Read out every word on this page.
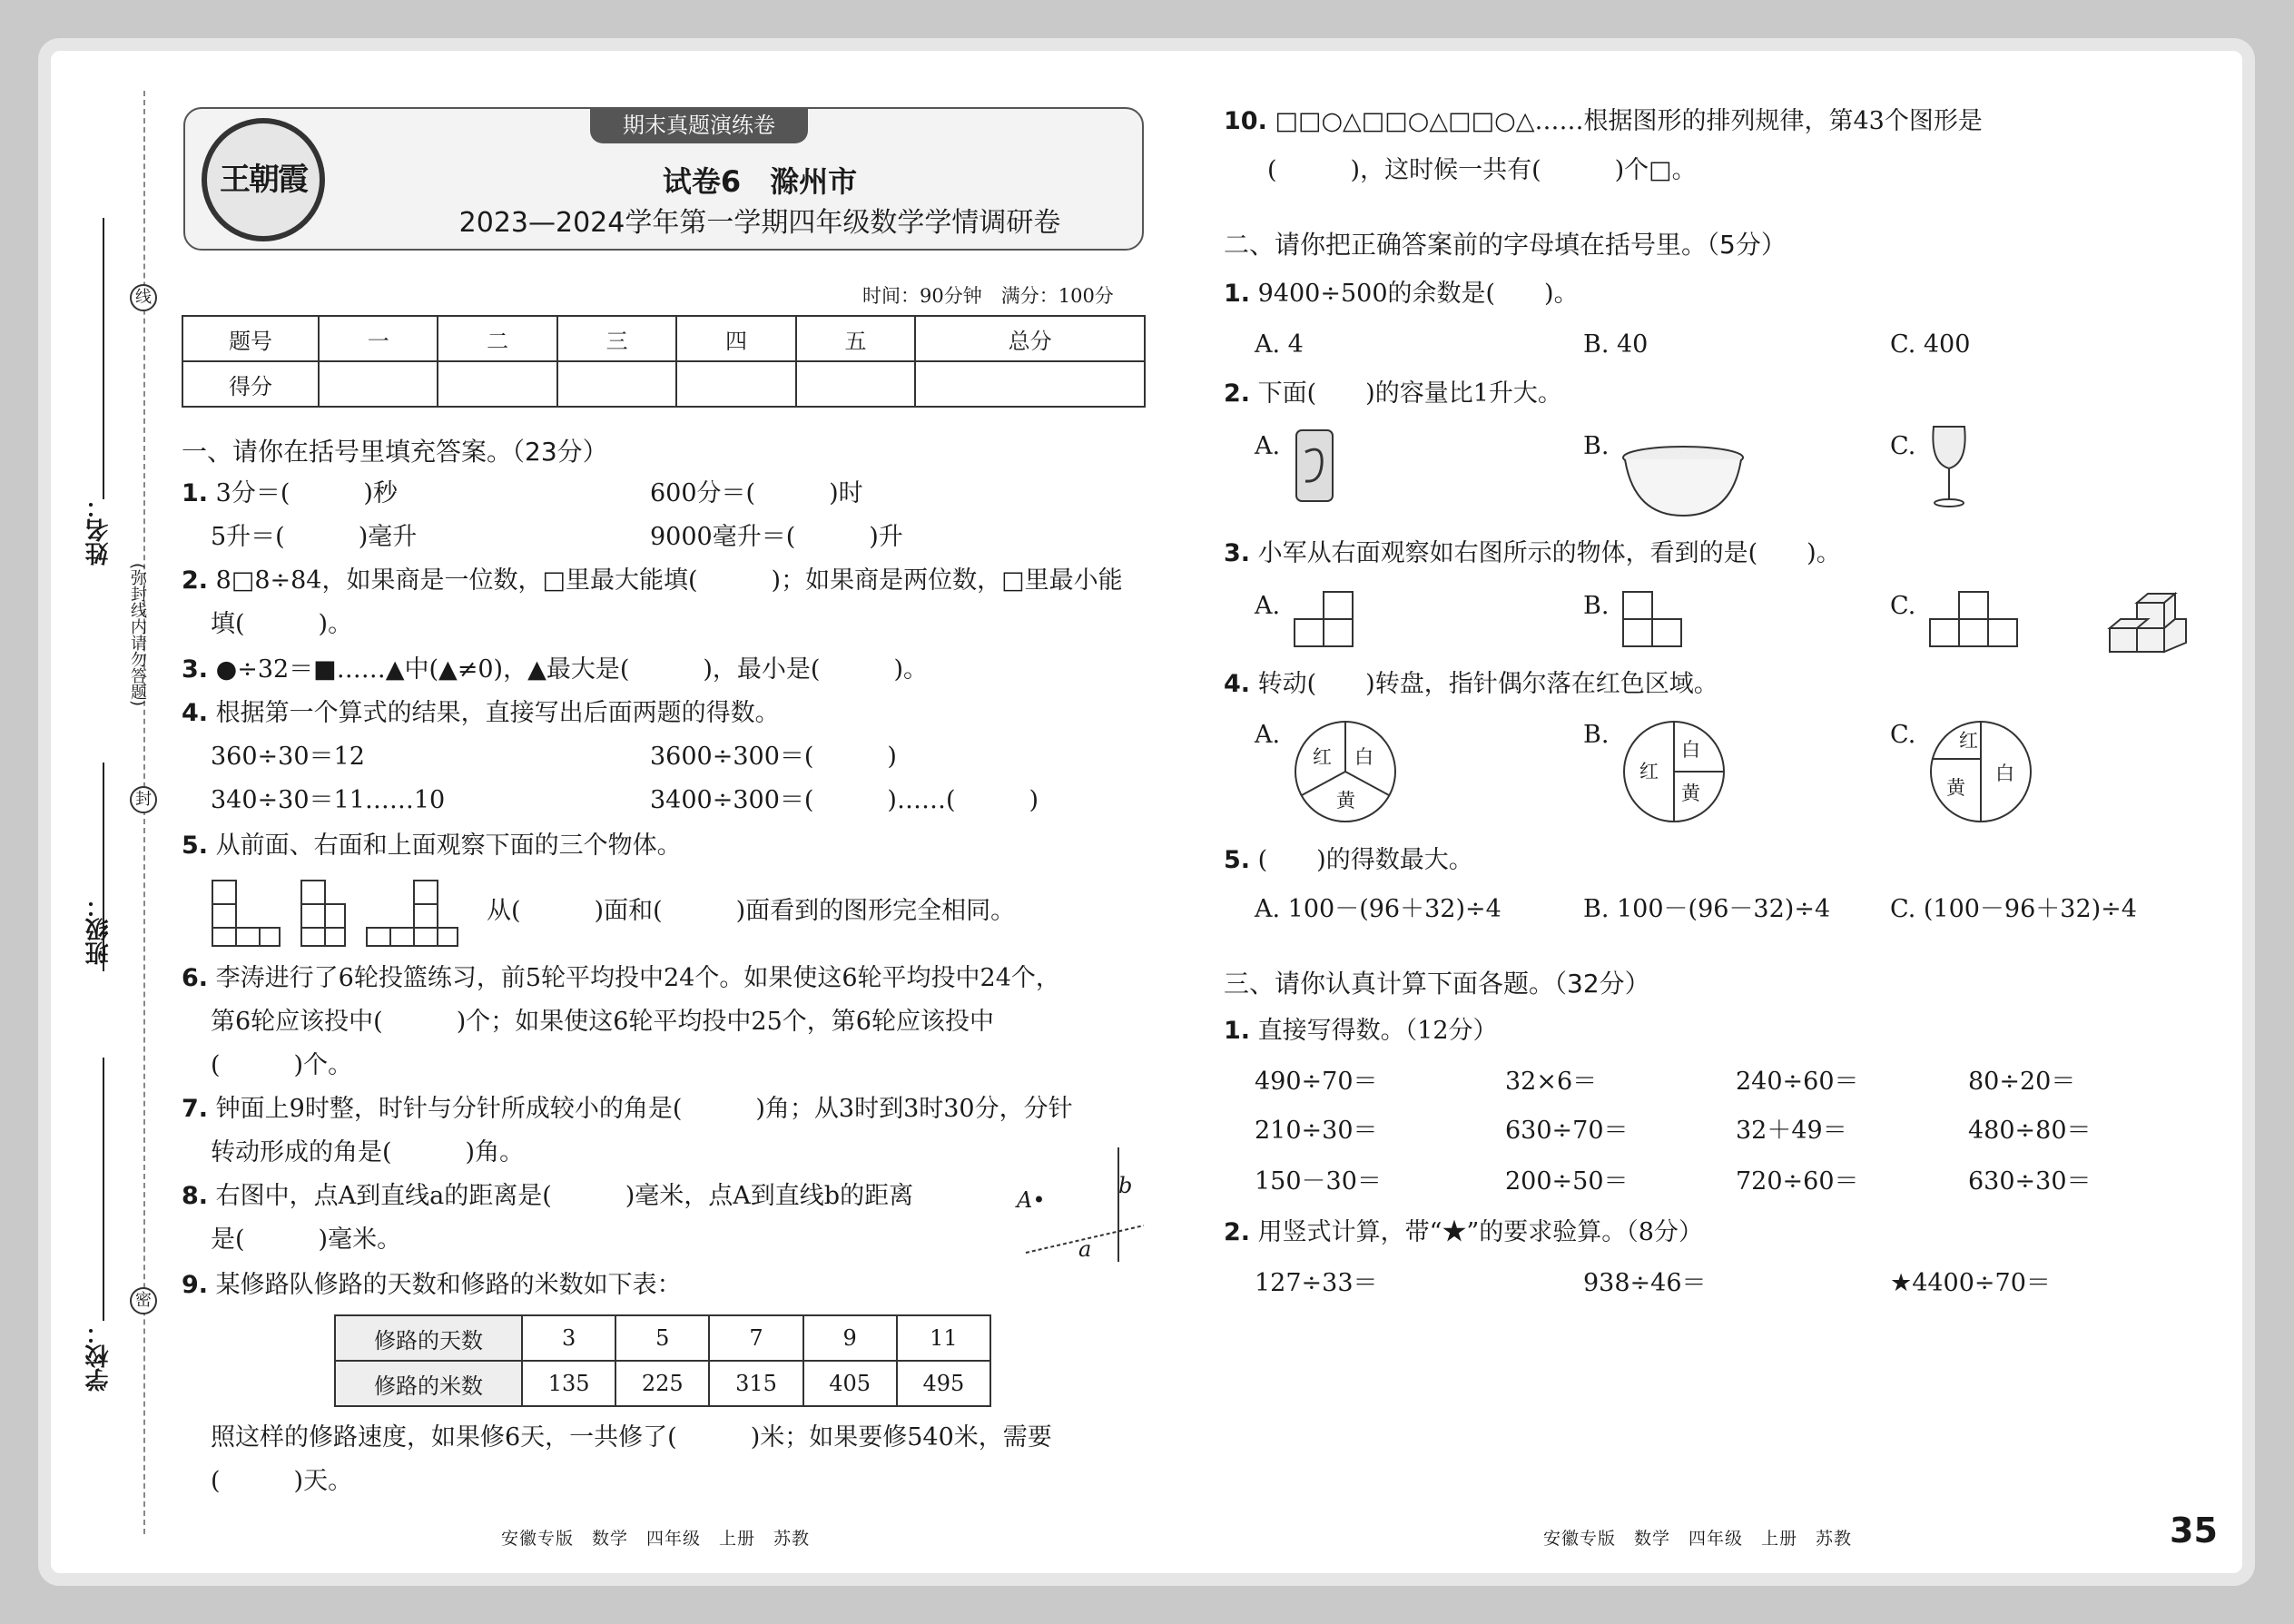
姓名：
班级：
学校：
线
(弥封线内请勿答题)
封
密
期末真题演练卷
王朝霞	试卷6　滁州市
2023—2024学年第一学期四年级数学学情调研卷
时间：90分钟　满分：100分
题号	一	二	三	四	五	总分
得分						
一、请你在括号里填充答案。（23分）
1. 3分＝(　　　)秒	600分＝(　　　)时
5升＝(　　　)毫升	9000毫升＝(　　　)升
2. 8□8÷84，如果商是一位数，□里最大能填(　　　)；如果商是两位数，□里最小能
填(　　　)。
3. ●÷32＝■……▲中(▲≠0)，▲最大是(　　　)，最小是(　　　)。
4. 根据第一个算式的结果，直接写出后面两题的得数。
360÷30＝12	3600÷300＝(　　　)
340÷30＝11……10	3400÷300＝(　　　)……(　　　)
5. 从前面、右面和上面观察下面的三个物体。
从(　　　)面和(　　　)面看到的图形完全相同。
6. 李涛进行了6轮投篮练习，前5轮平均投中24个。如果使这6轮平均投中24个，
第6轮应该投中(　　　)个；如果使这6轮平均投中25个，第6轮应该投中
(　　　)个。
7. 钟面上9时整，时针与分针所成较小的角是(　　　)角；从3时到3时30分，分针
转动形成的角是(　　　)角。
8. 右图中，点A到直线a的距离是(　　　)毫米，点A到直线b的距离
是(　　　)毫米。
A•
a
b
9. 某修路队修路的天数和修路的米数如下表：
修路的天数	3	5	7	9	11
修路的米数	135	225	315	405	495
照这样的修路速度，如果修6天，一共修了(　　　)米；如果要修540米，需要
(　　　)天。
安徽专版　数学　四年级　上册　苏教
10. □□○△□□○△□□○△……根据图形的排列规律，第43个图形是
(　　　)，这时候一共有(　　　)个□。
二、请你把正确答案前的字母填在括号里。（5分）
1. 9400÷500的余数是(　　)。
A. 4	B. 40	C. 400
2. 下面(　　)的容量比1升大。
A.	B.	C.
3. 小军从右面观察如右图所示的物体，看到的是(　　)。
A.	B.	C.
4. 转动(　　)转盘，指针偶尔落在红色区域。
A.
红 白
黄
B.
红
白
黄
C. 红
白
黄
5. (　　)的得数最大。
A. 100－(96＋32)÷4	B. 100－(96－32)÷4 C. (100－96＋32)÷4
三、请你认真计算下面各题。（32分）
1. 直接写得数。（12分）
490÷70＝	32×6＝	240÷60＝	80÷20＝
210÷30＝	630÷70＝	32＋49＝	480÷80＝
150－30＝	200÷50＝	720÷60＝	630÷30＝
2. 用竖式计算，带“★”的要求验算。（8分）
127÷33＝	938÷46＝	★4400÷70＝
安徽专版　数学　四年级　上册　苏教	35
